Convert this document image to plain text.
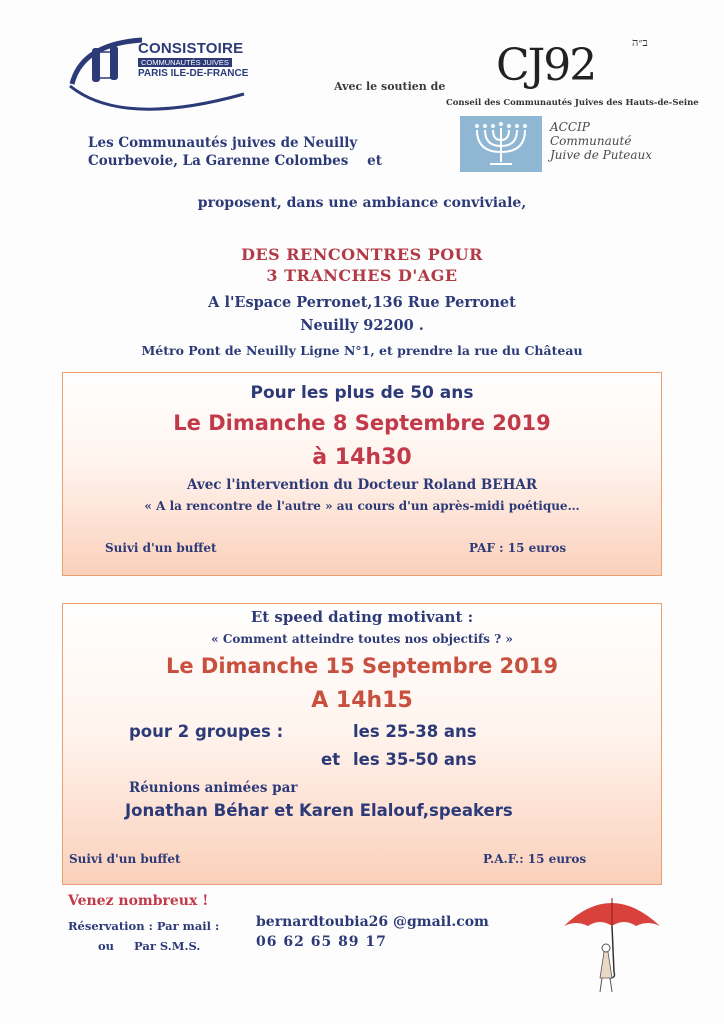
CONSISTOIRE
COMMUNAUTÉS JUIVES
PARIS ILE-DE-FRANCE
Avec le soutien de CJ92	ב״ה
Conseil des Communautés Juives des Hauts-de-Seine
ACCIP
Communauté
Juive de Puteaux
Les Communautés juives de Neuilly
Courbevoie, La Garenne Colombes    et
proposent, dans une ambiance conviviale,
DES RENCONTRES POUR
3 TRANCHES D'AGE
A l'Espace Perronet,136 Rue Perronet
Neuilly 92200 .
Métro Pont de Neuilly Ligne N°1, et prendre la rue du Château
Pour les plus de 50 ans
Le Dimanche 8 Septembre 2019
à 14h30
Avec l'intervention du Docteur Roland BEHAR
« A la rencontre de l'autre » au cours d'un après-midi poétique…
Suivi d'un buffet	PAF : 15 euros
Et speed dating motivant :
« Comment atteindre toutes nos objectifs ? »
Le Dimanche 15 Septembre 2019
A 14h15
pour 2 groupes :	les 25-38 ans
et les 35-50 ans
Réunions animées par
Jonathan Béhar et Karen Elalouf,speakers
Suivi d'un buffet	P.A.F.: 15 euros
Venez nombreux !
Réservation : Par mail :
ou     Par S.M.S.
bernardtoubia26 @gmail.com
06 62 65 89 17
